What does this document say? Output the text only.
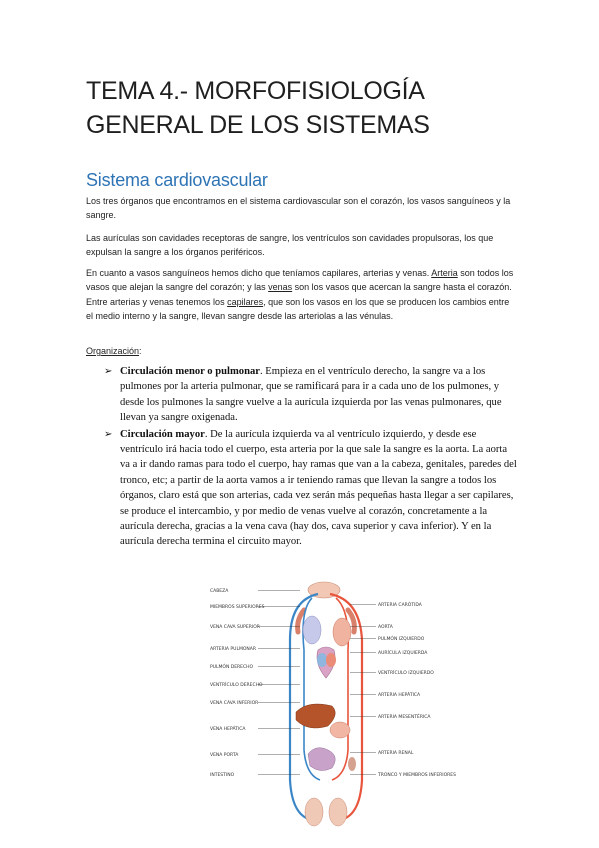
TEMA 4.- MORFOFISIOLOGÍA GENERAL DE LOS SISTEMAS
Sistema cardiovascular
Los tres órganos que encontramos en el sistema cardiovascular son el corazón, los vasos sanguíneos y la sangre.
Las aurículas son cavidades receptoras de sangre, los ventrículos son cavidades propulsoras, los que expulsan la sangre a los órganos periféricos.
En cuanto a vasos sanguíneos hemos dicho que teníamos capilares, arterias y venas. Arteria son todos los vasos que alejan la sangre del corazón; y las venas son los vasos que acercan la sangre hasta el corazón. Entre arterias y venas tenemos los capilares, que son los vasos en los que se producen los cambios entre el medio interno y la sangre, llevan sangre desde las arteriolas a las vénulas.
Organización:
➢ Circulación menor o pulmonar. Empieza en el ventrículo derecho, la sangre va a los pulmones por la arteria pulmonar, que se ramificará para ir a cada uno de los pulmones, y desde los pulmones la sangre vuelve a la aurícula izquierda por las venas pulmonares, que llevan ya sangre oxigenada.
➢ Circulación mayor. De la aurícula izquierda va al ventrículo izquierdo, y desde ese ventrículo irá hacia todo el cuerpo, esta arteria por la que sale la sangre es la aorta. La aorta va a ir dando ramas para todo el cuerpo, hay ramas que van a la cabeza, genitales, paredes del tronco, etc; a partir de la aorta vamos a ir teniendo ramas que llevan la sangre a todos los órganos, claro está que son arterias, cada vez serán más pequeñas hasta llegar a ser capilares, se produce el intercambio, y por medio de venas vuelve al corazón, concretamente a la aurícula derecha, gracias a la vena cava (hay dos, cava superior y cava inferior). Y en la aurícula derecha termina el circuito mayor.
CABEZA
MIEMBROS SUPERIORES
VENA CAVA SUPERIOR
ARTERIA PULMONAR
PULMÓN DERECHO
VENTRÍCULO DERECHO
VENA CAVA INFERIOR
VENA HEPÁTICA
VENA PORTA
INTESTINO
ARTERIA CARÓTIDA
AORTA
PULMÓN IZQUIERDO
AURÍCULA IZQUIERDA
VENTRÍCULO IZQUIERDO
ARTERIA HEPÁTICA
ARTERIA MESENTÉRICA
ARTERIA RENAL
TRONCO Y MIEMBROS INFERIORES
